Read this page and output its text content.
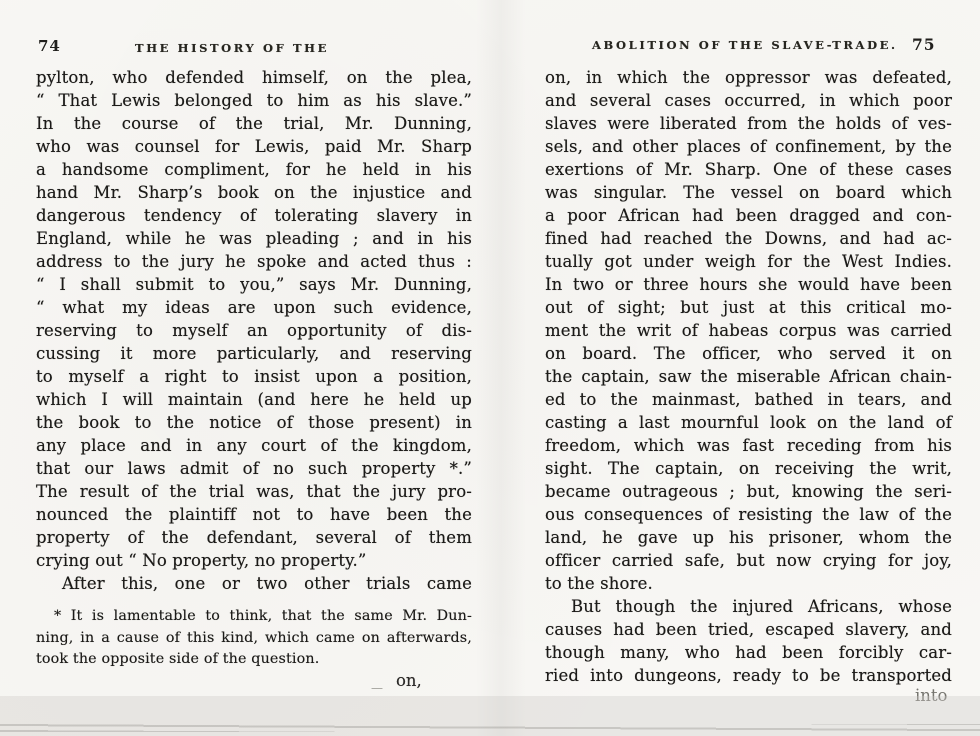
74	THE HISTORY OF THE
pylton, who defended himself, on the plea,
“ That Lewis belonged to him as his slave.”
In the course of the trial, Mr. Dunning,
who was counsel for Lewis, paid Mr. Sharp
a handsome compliment, for he held in his
hand Mr. Sharp’s book on the injustice and
dangerous tendency of tolerating slavery in
England, while he was pleading ; and in his
address to the jury he spoke and acted thus :
“ I shall submit to you,” says Mr. Dunning,
“ what my ideas are upon such evidence,
reserving to myself an opportunity of dis-
cussing it more particularly, and reserving
to myself a right to insist upon a position,
which I will maintain (and here he held up
the book to the notice of those present) in
any place and in any court of the kingdom,
that our laws admit of no such property *.”
The result of the trial was, that the jury pro-
nounced the plaintiff not to have been the
property of the defendant, several of them
crying out “ No property, no property.”
After this, one or two other trials came
* It is lamentable to think, that the same Mr. Dun-
ning, in a cause of this kind, which came on afterwards,
took the opposite side of the question.
— on,
ABOLITION OF THE SLAVE-TRADE. 75
on, in which the oppressor was defeated,
and several cases occurred, in which poor
slaves were liberated from the holds of ves-
sels, and other places of confinement, by the
exertions of Mr. Sharp. One of these cases
was singular. The vessel on board which
a poor African had been dragged and con-
fined had reached the Downs, and had ac-
tually got under weigh for the West Indies.
In two or three hours she would have been
out of sight; but just at this critical mo-
ment the writ of habeas corpus was carried
on board. The officer, who served it on
the captain, saw the miserable African chain-
ed to the mainmast, bathed in tears, and
casting a last mournful look on the land of
freedom, which was fast receding from his
sight. The captain, on receiving the writ,
became outrageous ; but, knowing the seri-
ous consequences of resisting the law of the
land, he gave up his prisoner, whom the
officer carried safe, but now crying for joy,
to the shore.
But though the injured Africans, whose
causes had been tried, escaped slavery, and
though many, who had been forcibly car-
ried into dungeons, ready to be transported
into
